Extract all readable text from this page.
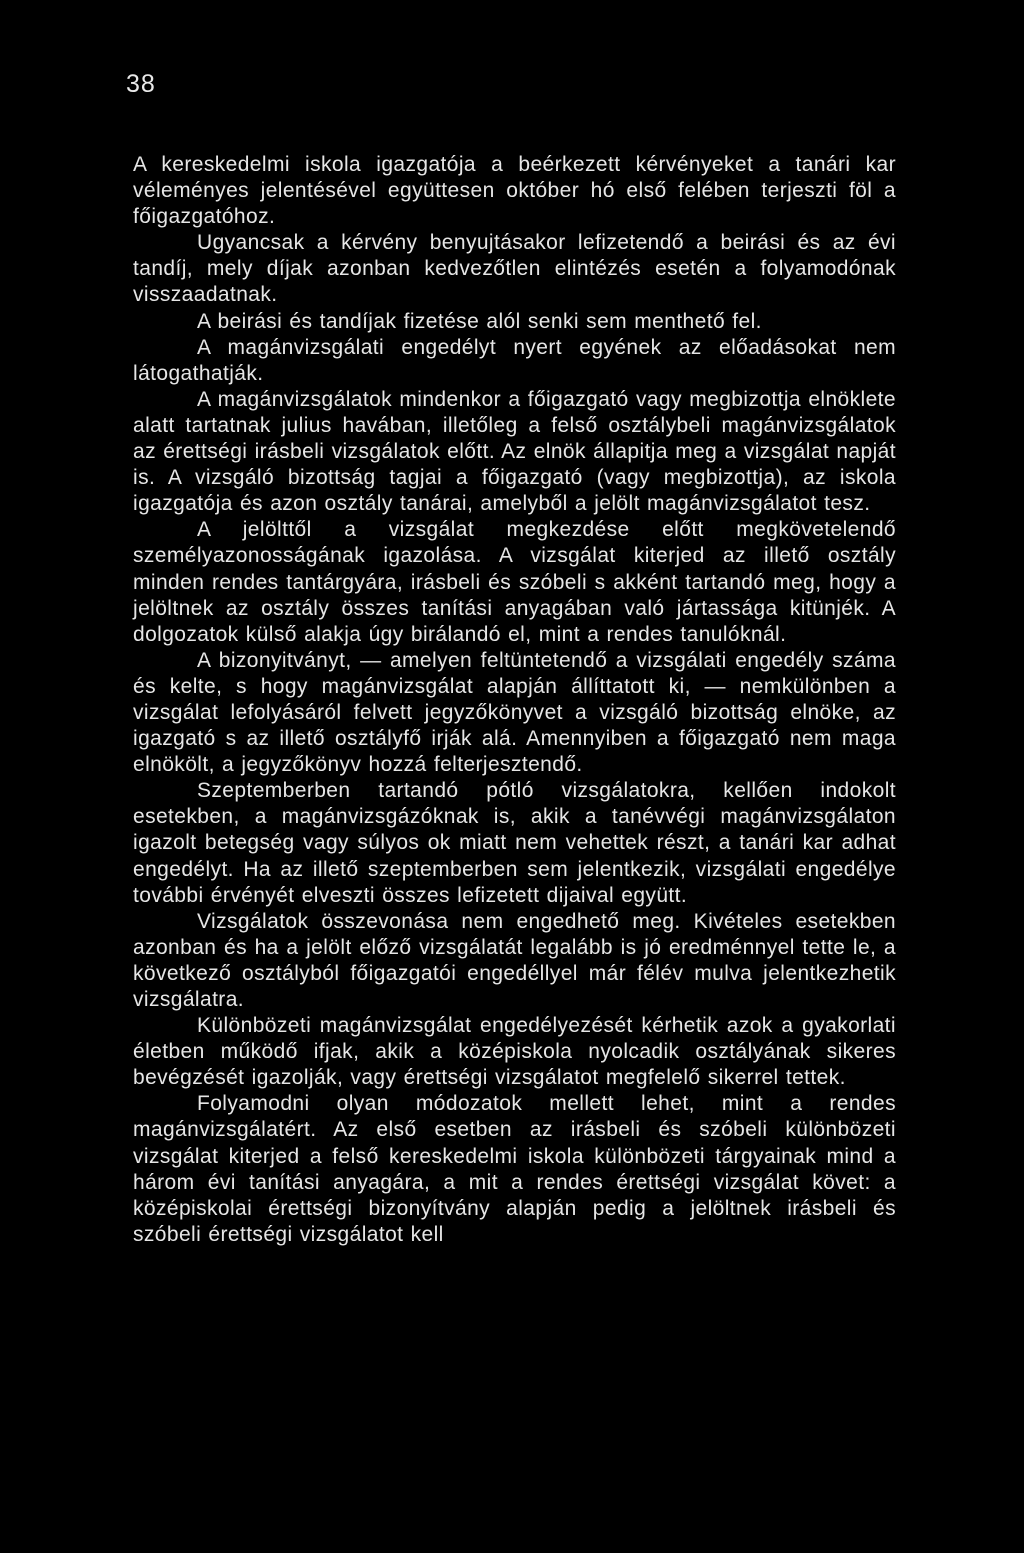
38

A kereskedelmi iskola igazgatója a beérkezett kérvényeket a tanári kar véleményes jelentésével együttesen október hó első felében terjeszti föl a főigazgatóhoz.

Ugyancsak a kérvény benyujtásakor lefizetendő a beirási és az évi tandíj, mely díjak azonban kedvezőtlen elintézés esetén a folyamodónak visszaadatnak.

A beirási és tandíjak fizetése alól senki sem menthető fel.

A magánvizsgálati engedélyt nyert egyének az előadásokat nem látogathatják.

A magánvizsgálatok mindenkor a főigazgató vagy megbizottja elnöklete alatt tartatnak julius havában, illetőleg a felső osztálybeli magánvizsgálatok az érettségi irásbeli vizsgálatok előtt. Az elnök állapitja meg a vizsgálat napját is. A vizsgáló bizottság tagjai a főigazgató (vagy megbizottja), az iskola igazgatója és azon osztály tanárai, amelyből a jelölt magánvizsgálatot tesz.

A jelölttől a vizsgálat megkezdése előtt megkövetelendő személyazonosságának igazolása. A vizsgálat kiterjed az illető osztály minden rendes tantárgyára, irásbeli és szóbeli s akként tartandó meg, hogy a jelöltnek az osztály összes tanítási anyagában való jártassága kitünjék. A dolgozatok külső alakja úgy birálandó el, mint a rendes tanulóknál.

A bizonyitványt, — amelyen feltüntetendő a vizsgálati engedély száma és kelte, s hogy magánvizsgálat alapján állíttatott ki, — nemkülönben a vizsgálat lefolyásáról felvett jegyzőkönyvet a vizsgáló bizottság elnöke, az igazgató s az illető osztályfő irják alá. Amennyiben a főigazgató nem maga elnökölt, a jegyzőkönyv hozzá felterjesztendő.

Szeptemberben tartandó pótló vizsgálatokra, kellően indokolt esetekben, a magánvizsgázóknak is, akik a tanévvégi magánvizsgálaton igazolt betegség vagy súlyos ok miatt nem vehettek részt, a tanári kar adhat engedélyt. Ha az illető szeptemberben sem jelentkezik, vizsgálati engedélye további érvényét elveszti összes lefizetett dijaival együtt.

Vizsgálatok összevonása nem engedhető meg. Kivételes esetekben azonban és ha a jelölt előző vizsgálatát legalább is jó eredménnyel tette le, a következő osztályból főigazgatói engedéllyel már félév mulva jelentkezhetik vizsgálatra.

Különbözeti magánvizsgálat engedélyezését kérhetik azok a gyakorlati életben működő ifjak, akik a középiskola nyolcadik osztályának sikeres bevégzését igazolják, vagy érettségi vizsgálatot megfelelő sikerrel tettek.

Folyamodni olyan módozatok mellett lehet, mint a rendes magánvizsgálatért. Az első esetben az irásbeli és szóbeli különbözeti vizsgálat kiterjed a felső kereskedelmi iskola különbözeti tárgyainak mind a három évi tanítási anyagára, a mit a rendes érettségi vizsgálat követ: a középiskolai érettségi bizonyítvány alapján pedig a jelöltnek irásbeli és szóbeli érettségi vizsgálatot kell
